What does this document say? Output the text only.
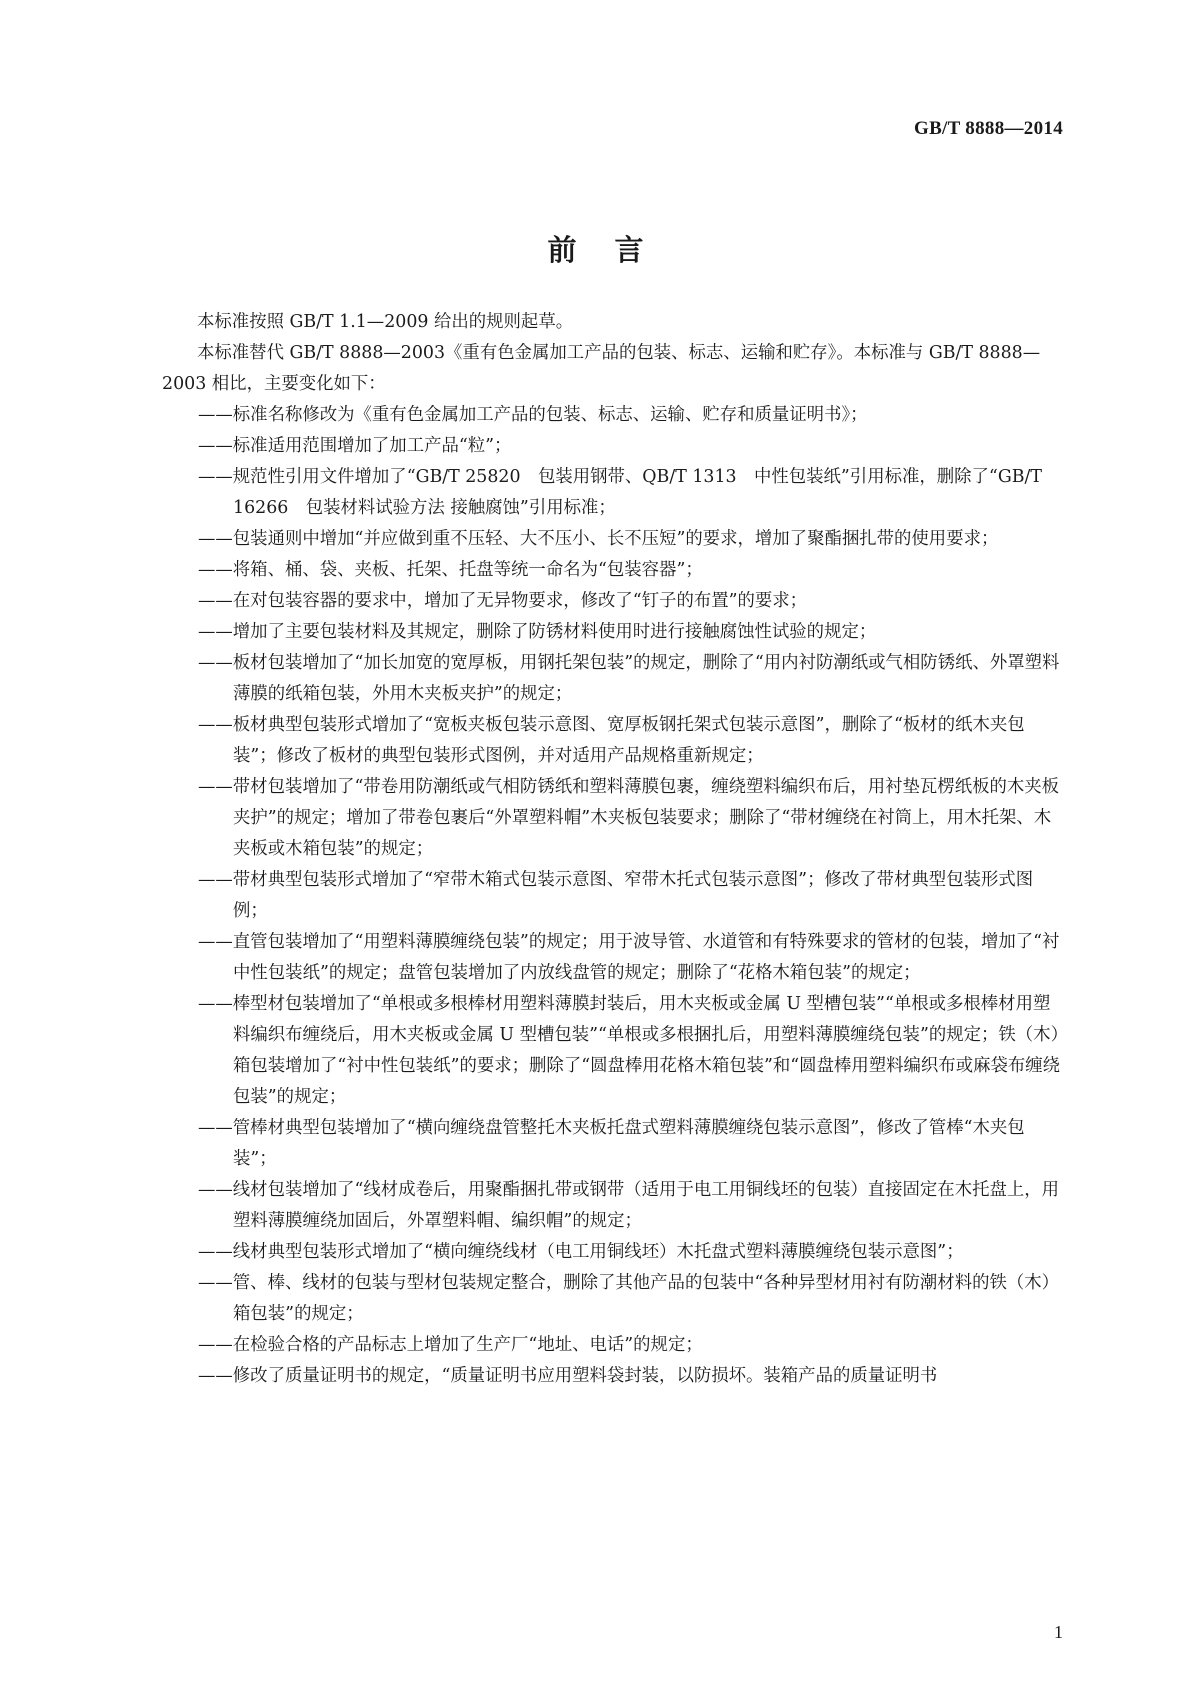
GB/T 8888—2014
前言

本标准按照 GB/T 1.1—2009 给出的规则起草。

本标准替代 GB/T 8888—2003《重有色金属加工产品的包装、标志、运输和贮存》。本标准与 GB/T 8888—2003 相比，主要变化如下：

——标准名称修改为《重有色金属加工产品的包装、标志、运输、贮存和质量证明书》；
——标准适用范围增加了加工产品“粒”；
——规范性引用文件增加了“GB/T 25820　包装用钢带、QB/T 1313　中性包装纸”引用标准，删除了“GB/T 16266　包装材料试验方法 接触腐蚀”引用标准；
——包装通则中增加“并应做到重不压轻、大不压小、长不压短”的要求，增加了聚酯捆扎带的使用要求；
——将箱、桶、袋、夹板、托架、托盘等统一命名为“包装容器”；
——在对包装容器的要求中，增加了无异物要求，修改了“钉子的布置”的要求；
——增加了主要包装材料及其规定，删除了防锈材料使用时进行接触腐蚀性试验的规定；
——板材包装增加了“加长加宽的宽厚板，用钢托架包装”的规定，删除了“用内衬防潮纸或气相防锈纸、外罩塑料薄膜的纸箱包装，外用木夹板夹护”的规定；
——板材典型包装形式增加了“宽板夹板包装示意图、宽厚板钢托架式包装示意图”，删除了“板材的纸木夹包装”；修改了板材的典型包装形式图例，并对适用产品规格重新规定；
——带材包装增加了“带卷用防潮纸或气相防锈纸和塑料薄膜包裹，缠绕塑料编织布后，用衬垫瓦楞纸板的木夹板夹护”的规定；增加了带卷包裹后“外罩塑料帽”木夹板包装要求；删除了“带材缠绕在衬筒上，用木托架、木夹板或木箱包装”的规定；
——带材典型包装形式增加了“窄带木箱式包装示意图、窄带木托式包装示意图”；修改了带材典型包装形式图例；
——直管包装增加了“用塑料薄膜缠绕包装”的规定；用于波导管、水道管和有特殊要求的管材的包装，增加了“衬中性包装纸”的规定；盘管包装增加了内放线盘管的规定；删除了“花格木箱包装”的规定；
——棒型材包装增加了“单根或多根棒材用塑料薄膜封装后，用木夹板或金属 U 型槽包装”“单根或多根棒材用塑料编织布缠绕后，用木夹板或金属 U 型槽包装”“单根或多根捆扎后，用塑料薄膜缠绕包装”的规定；铁（木）箱包装增加了“衬中性包装纸”的要求；删除了“圆盘棒用花格木箱包装”和“圆盘棒用塑料编织布或麻袋布缠绕包装”的规定；
——管棒材典型包装增加了“横向缠绕盘管整托木夹板托盘式塑料薄膜缠绕包装示意图”，修改了管棒“木夹包装”；
——线材包装增加了“线材成卷后，用聚酯捆扎带或钢带（适用于电工用铜线坯的包装）直接固定在木托盘上，用塑料薄膜缠绕加固后，外罩塑料帽、编织帽”的规定；
——线材典型包装形式增加了“横向缠绕线材（电工用铜线坯）木托盘式塑料薄膜缠绕包装示意图”；
——管、棒、线材的包装与型材包装规定整合，删除了其他产品的包装中“各种异型材用衬有防潮材料的铁（木）箱包装”的规定；
——在检验合格的产品标志上增加了生产厂“地址、电话”的规定；
——修改了质量证明书的规定，“质量证明书应用塑料袋封装，以防损坏。装箱产品的质量证明书
1
